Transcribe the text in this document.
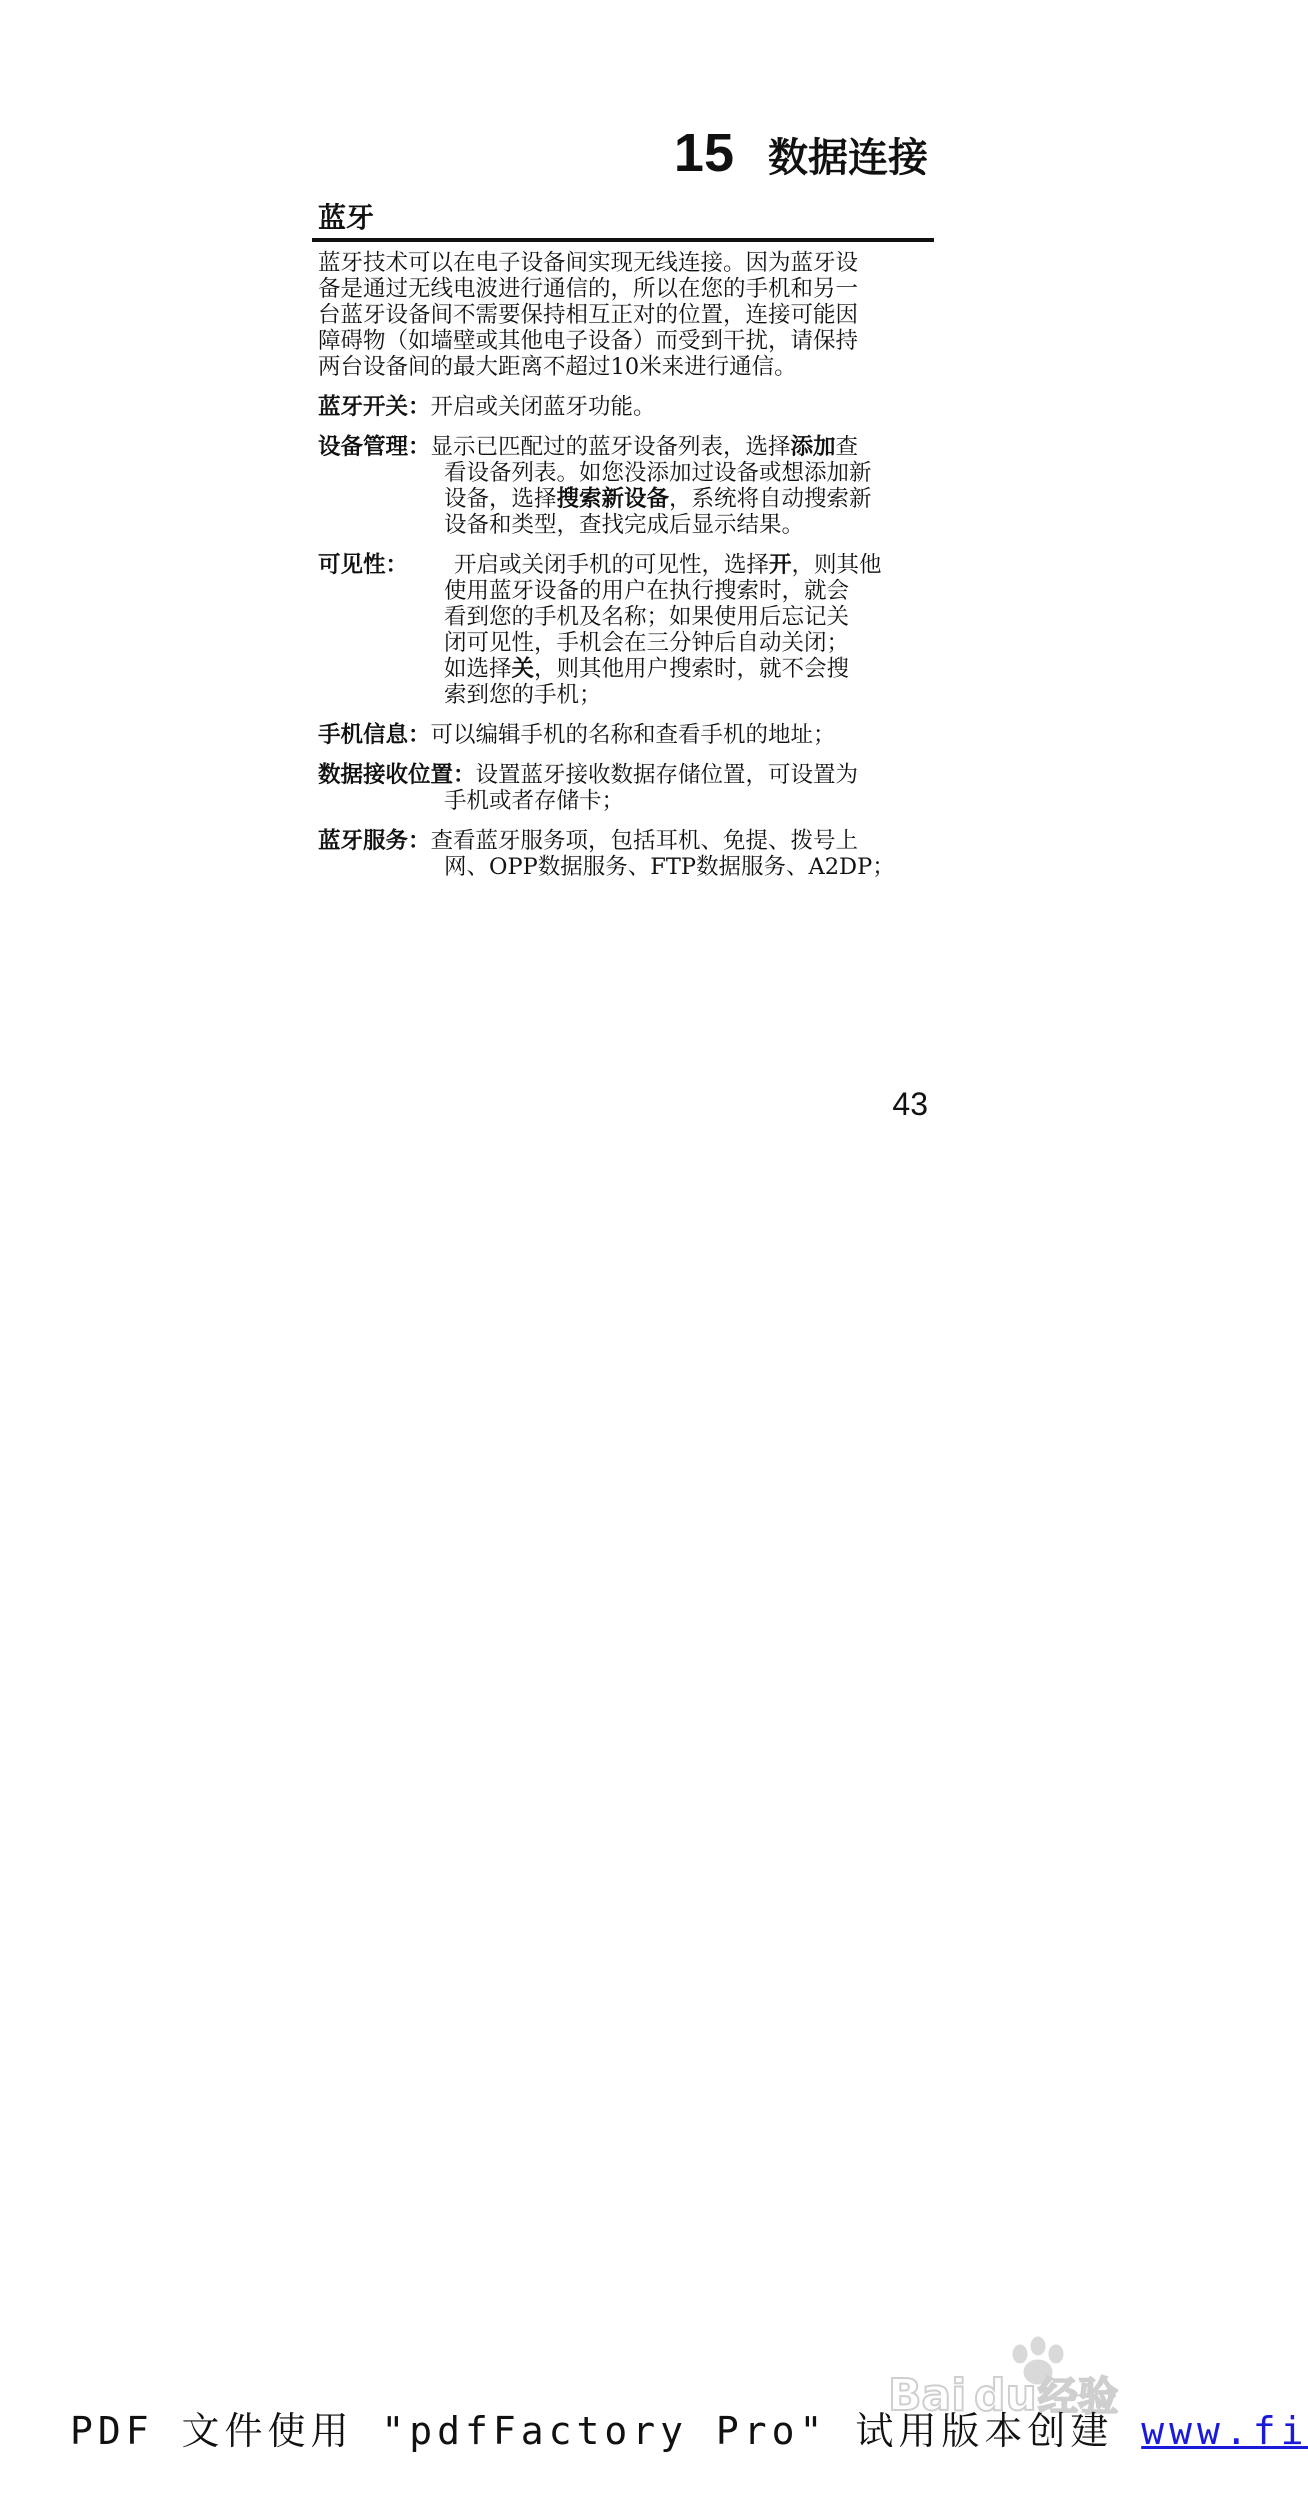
15 数据连接
蓝牙
蓝牙技术可以在电子设备间实现无线连接。因为蓝牙设
备是通过无线电波进行通信的，所以在您的手机和另一
台蓝牙设备间不需要保持相互正对的位置，连接可能因
障碍物（如墙壁或其他电子设备）而受到干扰，请保持
两台设备间的最大距离不超过10米来进行通信。
蓝牙开关：开启或关闭蓝牙功能。
设备管理：显示已匹配过的蓝牙设备列表，选择添加查
看设备列表。如您没添加过设备或想添加新
设备，选择搜索新设备，系统将自动搜索新
设备和类型，查找完成后显示结果。
可见性： 开启或关闭手机的可见性，选择开，则其他
使用蓝牙设备的用户在执行搜索时，就会
看到您的手机及名称；如果使用后忘记关
闭可见性，手机会在三分钟后自动关闭；
如选择关，则其他用户搜索时，就不会搜
索到您的手机；
手机信息：可以编辑手机的名称和查看手机的地址；
数据接收位置：设置蓝牙接收数据存储位置，可设置为
手机或者存储卡；
蓝牙服务：查看蓝牙服务项，包括耳机、免提、拨号上
网、OPP数据服务、FTP数据服务、A2DP；
43
Bai du 经验
PDF 文件使用 "pdfFactory Pro" 试用版本创建 www.fi
